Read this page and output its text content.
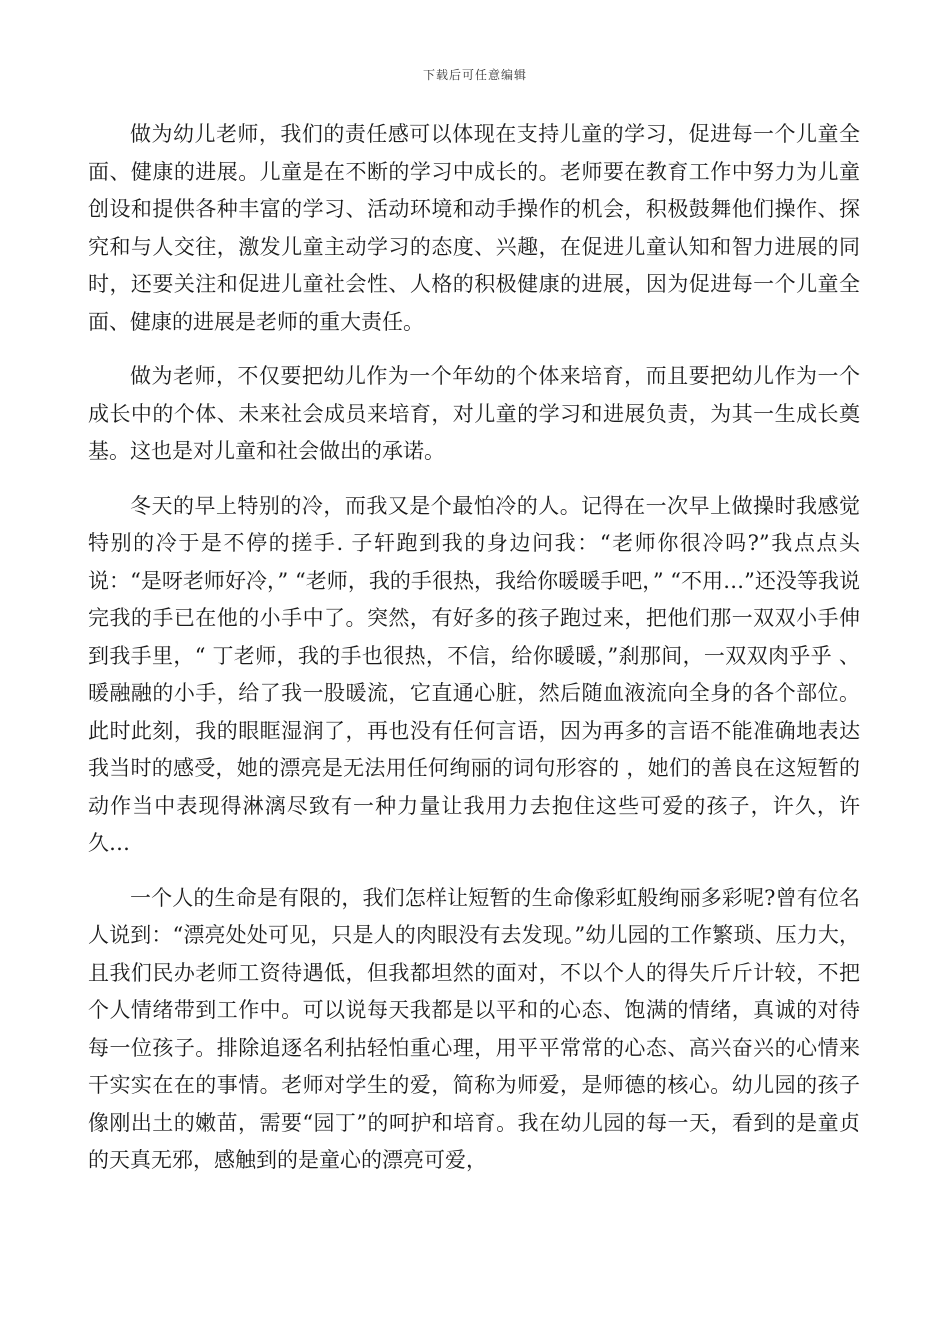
下载后可任意编辑

做为幼儿老师，我们的责任感可以体现在支持儿童的学习，促进每一个儿童全面、健康的进展。儿童是在不断的学习中成长的。老师要在教育工作中努力为儿童创设和提供各种丰富的学习、活动环境和动手操作的机会，积极鼓舞他们操作、探究和与人交往，激发儿童主动学习的态度、兴趣，在促进儿童认知和智力进展的同时，还要关注和促进儿童社会性、人格的积极健康的进展，因为促进每一个儿童全面、健康的进展是老师的重大责任。

做为老师，不仅要把幼儿作为一个年幼的个体来培育，而且要把幼儿作为一个成长中的个体、未来社会成员来培育，对儿童的学习和进展负责，为其一生成长奠基。这也是对儿童和社会做出的承诺。

冬天的早上特别的冷，而我又是个最怕冷的人。记得在一次早上做操时我感觉特别的冷于是不停的搓手. 子轩跑到我的身边问我：“老师你很冷吗?”我点点头说：“是呀老师好冷，” “老师，我的手很热，我给你暖暖手吧，” “不用…”还没等我说完我的手已在他的小手中了。突然，有好多的孩子跑过来，把他们那一双双小手伸到我手里，“ 丁老师，我的手也很热，不信，给你暖暖，”刹那间，一双双肉乎乎 、暖融融的小手，给了我一股暖流，它直通心脏，然后随血液流向全身的各个部位。此时此刻，我的眼眶湿润了，再也没有任何言语，因为再多的言语不能准确地表达我当时的感受，她的漂亮是无法用任何绚丽的词句形容的 ，她们的善良在这短暂的动作当中表现得淋漓尽致有一种力量让我用力去抱住这些可爱的孩子，许久，许久…

一个人的生命是有限的，我们怎样让短暂的生命像彩虹般绚丽多彩呢?曾有位名人说到：“漂亮处处可见，只是人的肉眼没有去发现。”幼儿园的工作繁琐、压力大，且我们民办老师工资待遇低，但我都坦然的面对，不以个人的得失斤斤计较，不把个人情绪带到工作中。可以说每天我都是以平和的心态、饱满的情绪，真诚的对待每一位孩子。排除追逐名利拈轻怕重心理，用平平常常的心态、高兴奋兴的心情来干实实在在的事情。老师对学生的爱，简称为师爱，是师德的核心。幼儿园的孩子像刚出土的嫩苗，需要“园丁”的呵护和培育。我在幼儿园的每一天，看到的是童贞的天真无邪，感触到的是童心的漂亮可爱，
